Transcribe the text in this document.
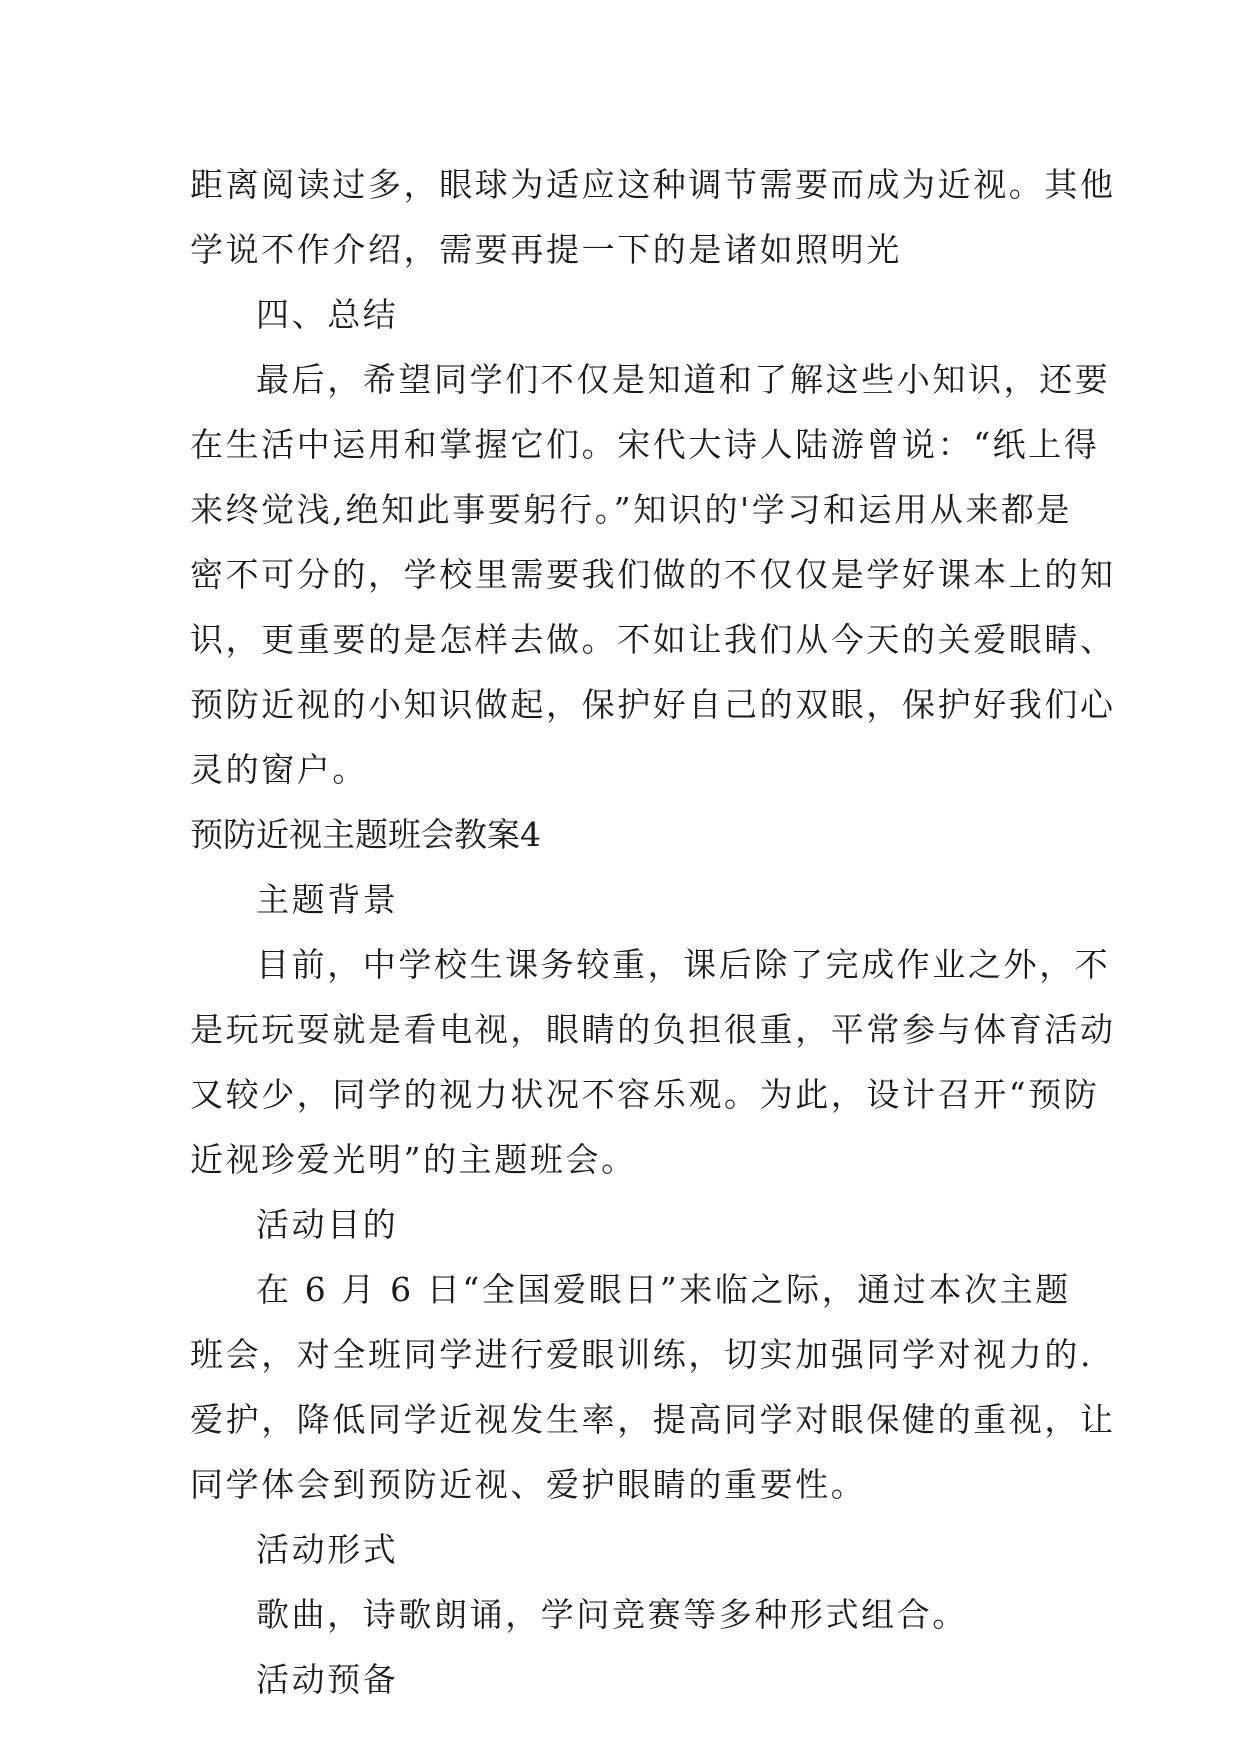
距离阅读过多，眼球为适应这种调节需要而成为近视。其他
学说不作介绍，需要再提一下的是诸如照明光
四、总结
最后，希望同学们不仅是知道和了解这些小知识，还要
在生活中运用和掌握它们。宋代大诗人陆游曾说：“纸上得
来终觉浅,绝知此事要躬行。”知识的'学习和运用从来都是
密不可分的，学校里需要我们做的不仅仅是学好课本上的知
识，更重要的是怎样去做。不如让我们从今天的关爱眼睛、
预防近视的小知识做起，保护好自己的双眼，保护好我们心
灵的窗户。
预防近视主题班会教案4
主题背景
目前，中学校生课务较重，课后除了完成作业之外，不
是玩玩耍就是看电视，眼睛的负担很重，平常参与体育活动
又较少，同学的视力状况不容乐观。为此，设计召开“预防
近视珍爱光明”的主题班会。
活动目的
在 6 月 6 日“全国爱眼日”来临之际，通过本次主题
班会，对全班同学进行爱眼训练，切实加强同学对视力的.
爱护，降低同学近视发生率，提高同学对眼保健的重视，让
同学体会到预防近视、爱护眼睛的重要性。
活动形式
歌曲，诗歌朗诵，学问竞赛等多种形式组合。
活动预备
